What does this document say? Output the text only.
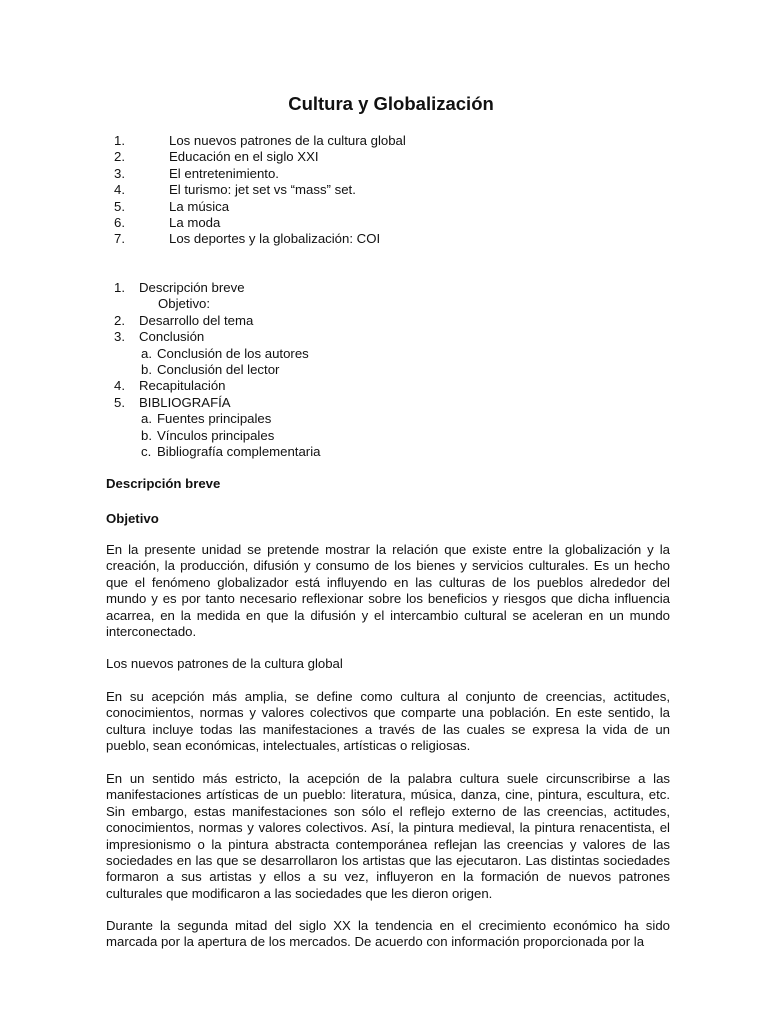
Cultura y Globalización
1.	Los nuevos patrones de la cultura global
2.	Educación en el siglo XXI
3.	El entretenimiento.
4.	El turismo: jet set vs “mass” set.
5.	La música
6.	La moda
7.	Los deportes y la globalización: COI
1. Descripción breve
Objetivo:
2. Desarrollo del tema
3. Conclusión
a. Conclusión de los autores
b. Conclusión del lector
4. Recapitulación
5. BIBLIOGRAFÍA
a. Fuentes principales
b. Vínculos principales
c. Bibliografía complementaria
Descripción breve
Objetivo
En la presente unidad se pretende mostrar la relación que existe entre la globalización y la creación, la producción, difusión y consumo de los bienes y servicios culturales. Es un hecho que el fenómeno globalizador está influyendo en las culturas de los pueblos alrededor del mundo y es por tanto necesario reflexionar sobre los beneficios y riesgos que dicha influencia acarrea, en la medida en que la difusión y el intercambio cultural se aceleran en un mundo interconectado.
Los nuevos patrones de la cultura global
En su acepción más amplia, se define como cultura al conjunto de creencias, actitudes, conocimientos, normas y valores colectivos que comparte una población. En este sentido, la cultura incluye todas las manifestaciones a través de las cuales se expresa la vida de un pueblo, sean económicas, intelectuales, artísticas o religiosas.
En un sentido más estricto, la acepción de la palabra cultura suele circunscribirse a las manifestaciones artísticas de un pueblo: literatura, música, danza, cine, pintura, escultura, etc. Sin embargo, estas manifestaciones son sólo el reflejo externo de las creencias, actitudes, conocimientos, normas y valores colectivos. Así, la pintura medieval, la pintura renacentista, el impresionismo o la pintura abstracta contemporánea reflejan las creencias y valores de las sociedades en las que se desarrollaron los artistas que las ejecutaron. Las distintas sociedades formaron a sus artistas y ellos a su vez, influyeron en la formación de nuevos patrones culturales que modificaron a las sociedades que les dieron origen.
Durante la segunda mitad del siglo XX la tendencia en el crecimiento económico ha sido marcada por la apertura de los mercados. De acuerdo con información proporcionada por la
